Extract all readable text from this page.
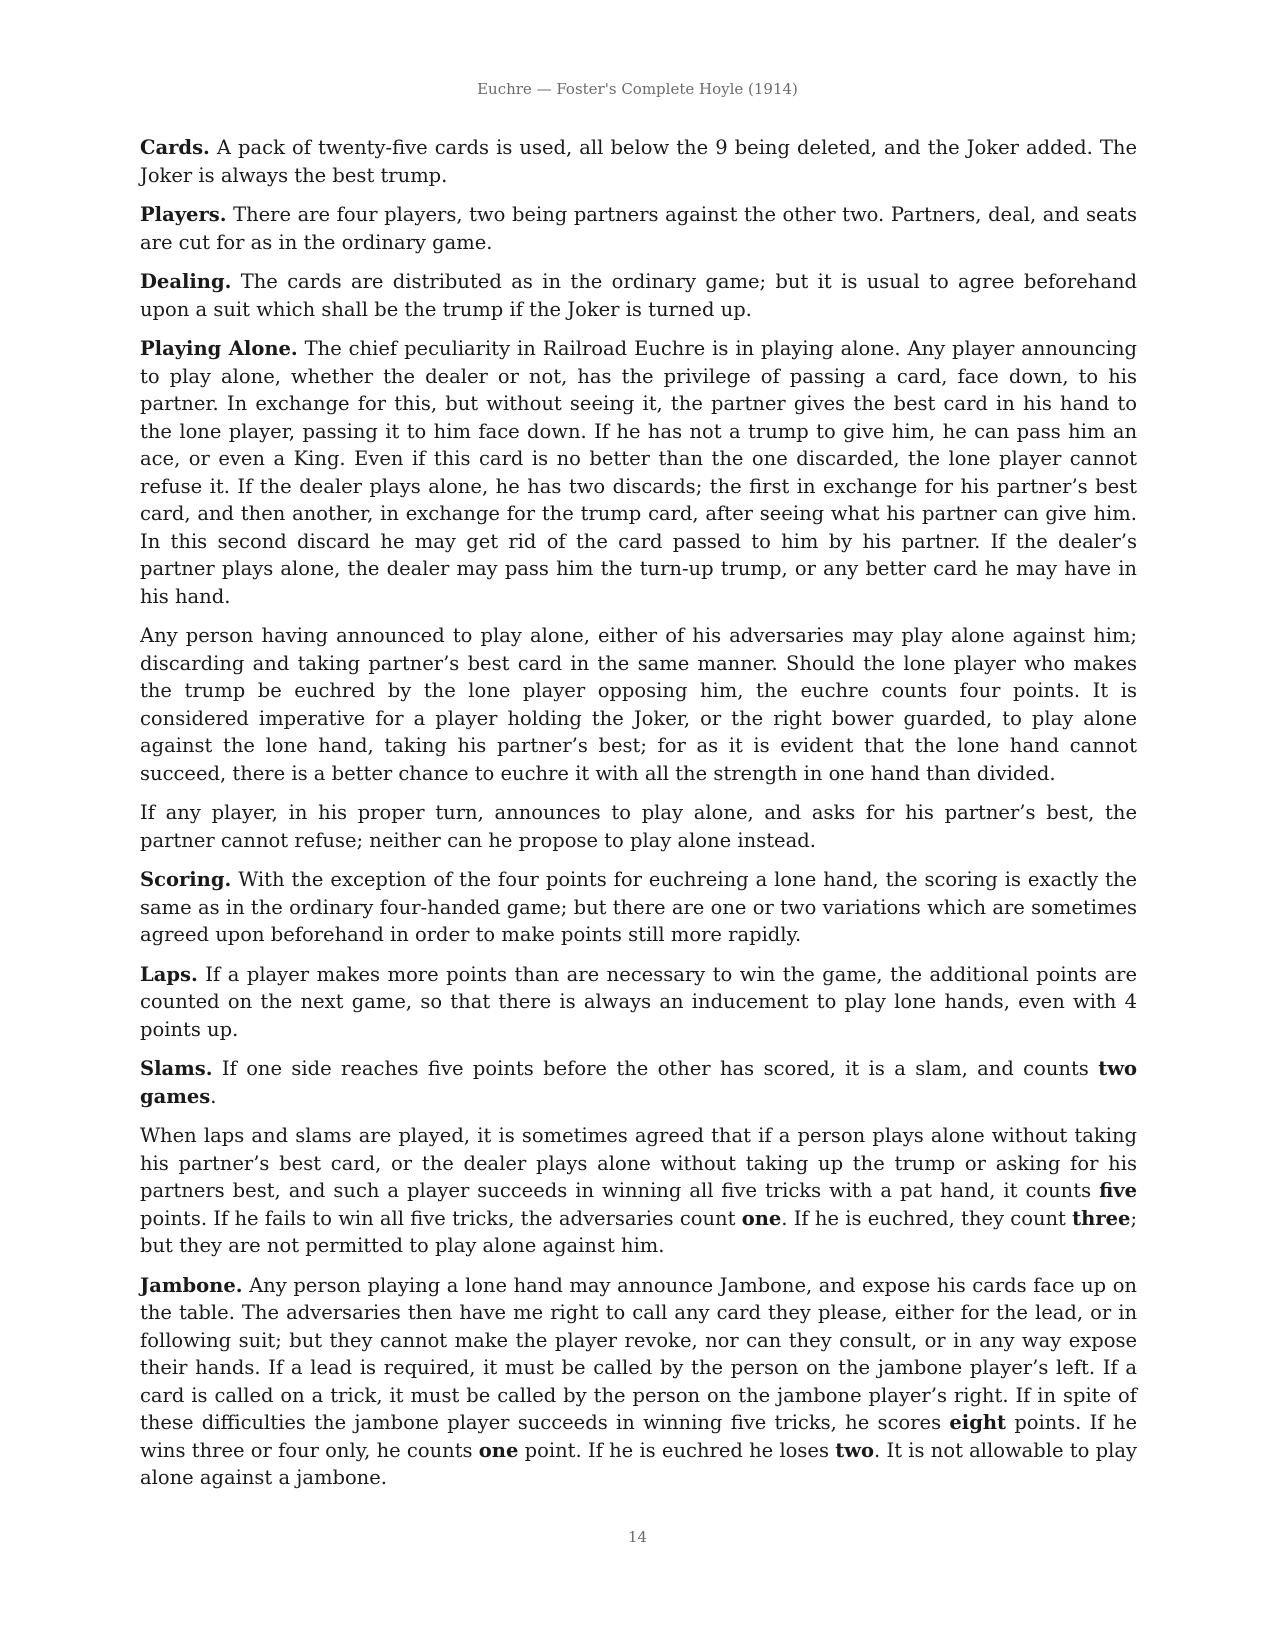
Euchre — Foster's Complete Hoyle (1914)

Cards. A pack of twenty-five cards is used, all below the 9 being deleted, and the Joker added. The Joker is always the best trump.

Players. There are four players, two being partners against the other two. Partners, deal, and seats are cut for as in the ordinary game.

Dealing. The cards are distributed as in the ordinary game; but it is usual to agree beforehand upon a suit which shall be the trump if the Joker is turned up.

Playing Alone. The chief peculiarity in Railroad Euchre is in playing alone. Any player announcing to play alone, whether the dealer or not, has the privilege of passing a card, face down, to his partner. In exchange for this, but without seeing it, the partner gives the best card in his hand to the lone player, passing it to him face down. If he has not a trump to give him, he can pass him an ace, or even a King. Even if this card is no better than the one discarded, the lone player cannot refuse it. If the dealer plays alone, he has two discards; the first in exchange for his partner’s best card, and then another, in exchange for the trump card, after seeing what his partner can give him. In this second discard he may get rid of the card passed to him by his partner. If the dealer’s partner plays alone, the dealer may pass him the turn-up trump, or any better card he may have in his hand.

Any person having announced to play alone, either of his adversaries may play alone against him; discarding and taking partner’s best card in the same manner. Should the lone player who makes the trump be euchred by the lone player opposing him, the euchre counts four points. It is considered imperative for a player holding the Joker, or the right bower guarded, to play alone against the lone hand, taking his partner’s best; for as it is evident that the lone hand cannot succeed, there is a better chance to euchre it with all the strength in one hand than divided.

If any player, in his proper turn, announces to play alone, and asks for his partner’s best, the partner cannot refuse; neither can he propose to play alone instead.

Scoring. With the exception of the four points for euchreing a lone hand, the scoring is exactly the same as in the ordinary four-handed game; but there are one or two variations which are sometimes agreed upon beforehand in order to make points still more rapidly.

Laps. If a player makes more points than are necessary to win the game, the additional points are counted on the next game, so that there is always an inducement to play lone hands, even with 4 points up.

Slams. If one side reaches five points before the other has scored, it is a slam, and counts two games.

When laps and slams are played, it is sometimes agreed that if a person plays alone without taking his partner’s best card, or the dealer plays alone without taking up the trump or asking for his partners best, and such a player succeeds in winning all five tricks with a pat hand, it counts five points. If he fails to win all five tricks, the adversaries count one. If he is euchred, they count three; but they are not permitted to play alone against him.

Jambone. Any person playing a lone hand may announce Jambone, and expose his cards face up on the table. The adversaries then have me right to call any card they please, either for the lead, or in following suit; but they cannot make the player revoke, nor can they consult, or in any way expose their hands. If a lead is required, it must be called by the person on the jambone player’s left. If a card is called on a trick, it must be called by the person on the jambone player’s right. If in spite of these difficulties the jambone player succeeds in winning five tricks, he scores eight points. If he wins three or four only, he counts one point. If he is euchred he loses two. It is not allowable to play alone against a jambone.

14
